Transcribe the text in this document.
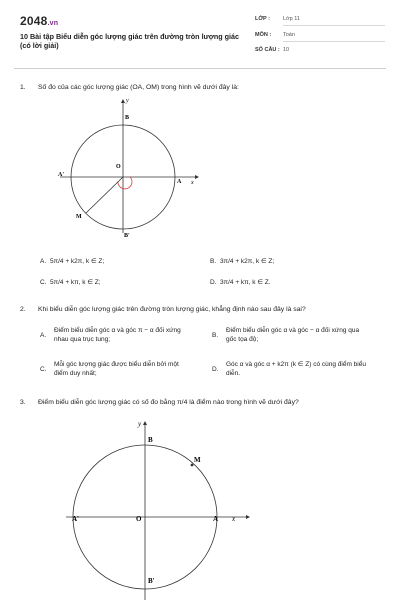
2048.vn
10 Bài tập Biểu diễn góc lượng giác trên đường tròn lượng giác (có lời giải)
LỚP : Lớp 11
MÔN : Toán
SỐ CÂU : 10
1. Số đo của các góc lượng giác (OA, OM) trong hình vẽ dưới đây là:
y
B
O
A'
A x
M
B'
A. 5π/4 + k2π, k ∈ Z;	B. 3π/4 + k2π, k ∈ Z;
C. 5π/4 + kπ, k ∈ Z;	D. 3π/4 + kπ, k ∈ Z.
2. Khi biểu diễn góc lượng giác trên đường tròn lượng giác, khẳng định nào sau đây là sai?
A.
Điểm biểu diễn góc α và góc π − α đối xứng nhau qua trục tung;
B.
Điểm biểu diễn góc α và góc − α đối xứng qua gốc tọa độ;
C.
Mỗi góc lượng giác được biểu diễn bởi một điểm duy nhất;
D.
Góc α và góc α + k2π (k ∈ Z) có cùng điểm biểu diễn.
3. Điểm biểu diễn góc lượng giác có số đo bằng π/4 là điểm nào trong hình vẽ dưới đây?
y
B
M
A'	O	A x
B'
